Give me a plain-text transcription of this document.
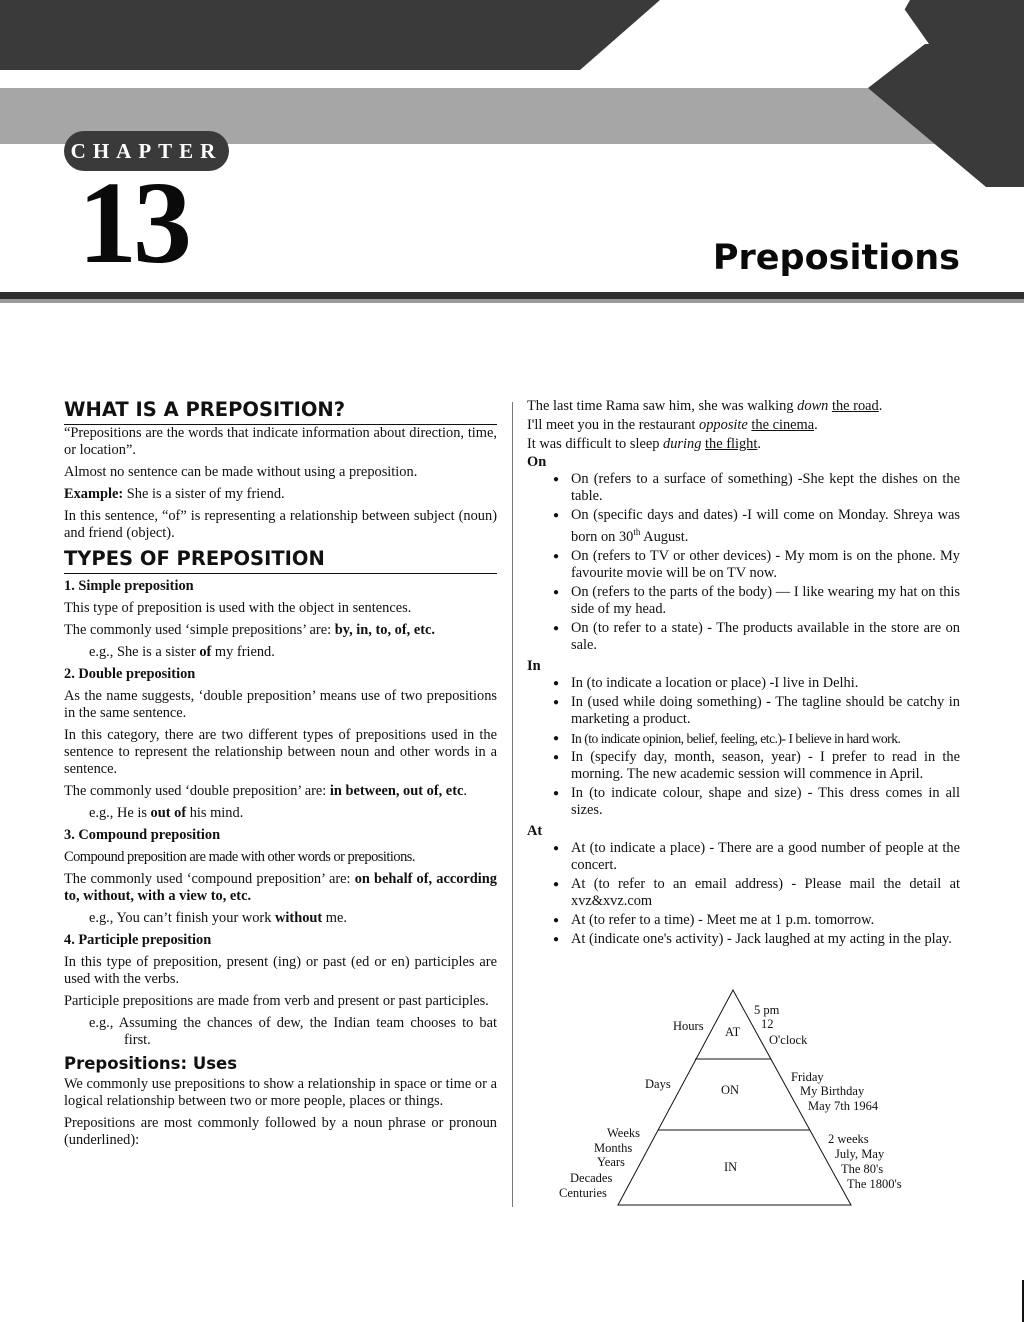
CHAPTER
13	Prepositions
WHAT IS A PREPOSITION?

“Prepositions are the words that indicate information about direction, time, or location”.

Almost no sentence can be made without using a preposition.

Example: She is a sister of my friend.

In this sentence, “of” is representing a relationship between subject (noun) and friend (object).

TYPES OF PREPOSITION
1. Simple preposition

This type of preposition is used with the object in sentences.

The commonly used ‘simple prepositions’ are: by, in, to, of, etc.

e.g., She is a sister of my friend.

2. Double preposition

As the name suggests, ‘double preposition’ means use of two prepositions in the same sentence.

In this category, there are two different types of prepositions used in the sentence to represent the relationship between noun and other words in a sentence.

The commonly used ‘double preposition’ are: in between, out of, etc.

e.g., He is out of his mind.

3. Compound preposition

Compound preposition are made with other words or prepositions.

The commonly used ‘compound preposition’ are: on behalf of, according to, without, with a view to, etc.

e.g., You can’t finish your work without me.

4. Participle preposition

In this type of preposition, present (ing) or past (ed or en) participles are used with the verbs.

Participle prepositions are made from verb and present or past participles.

e.g., Assuming the chances of dew, the Indian team chooses to bat first.

Prepositions: Uses

We commonly use prepositions to show a relationship in space or time or a logical relationship between two or more people, places or things.

Prepositions are most commonly followed by a noun phrase or pronoun (underlined):

The last time Rama saw him, she was walking down the road.
I'll meet you in the restaurant opposite the cinema.
It was difficult to sleep during the flight.
On
● On (refers to a surface of something) -She kept the dishes on the table.
● On (specific days and dates) -I will come on Monday. Shreya was born on 30th August.
● On (refers to TV or other devices) - My mom is on the phone. My favourite movie will be on TV now.
● On (refers to the parts of the body) — I like wearing my hat on this side of my head.
● On (to refer to a state) - The products available in the store are on sale.
In
● In (to indicate a location or place) -I live in Delhi.
● In (used while doing something) - The tagline should be catchy in marketing a product.
● In (to indicate opinion, belief, feeling, etc.)- I believe in hard work.
● In (specify day, month, season, year) - I prefer to read in the morning. The new academic session will commence in April.
● In (to indicate colour, shape and size) - This dress comes in all sizes.
At
● At (to indicate a place) - There are a good number of people at the concert.
● At (to refer to an email address) - Please mail the detail at xvz&xvz.com
● At (to refer to a time) - Meet me at 1 p.m. tomorrow.
● At (indicate one's activity) - Jack laughed at my acting in the play.
AT
ON
IN
Hours
5 pm
12
O'clock
Days	Friday
My Birthday
May 7th 1964
Weeks
Months
Years
Decades
Centuries
2 weeks
July, May
The 80's
The 1800's
